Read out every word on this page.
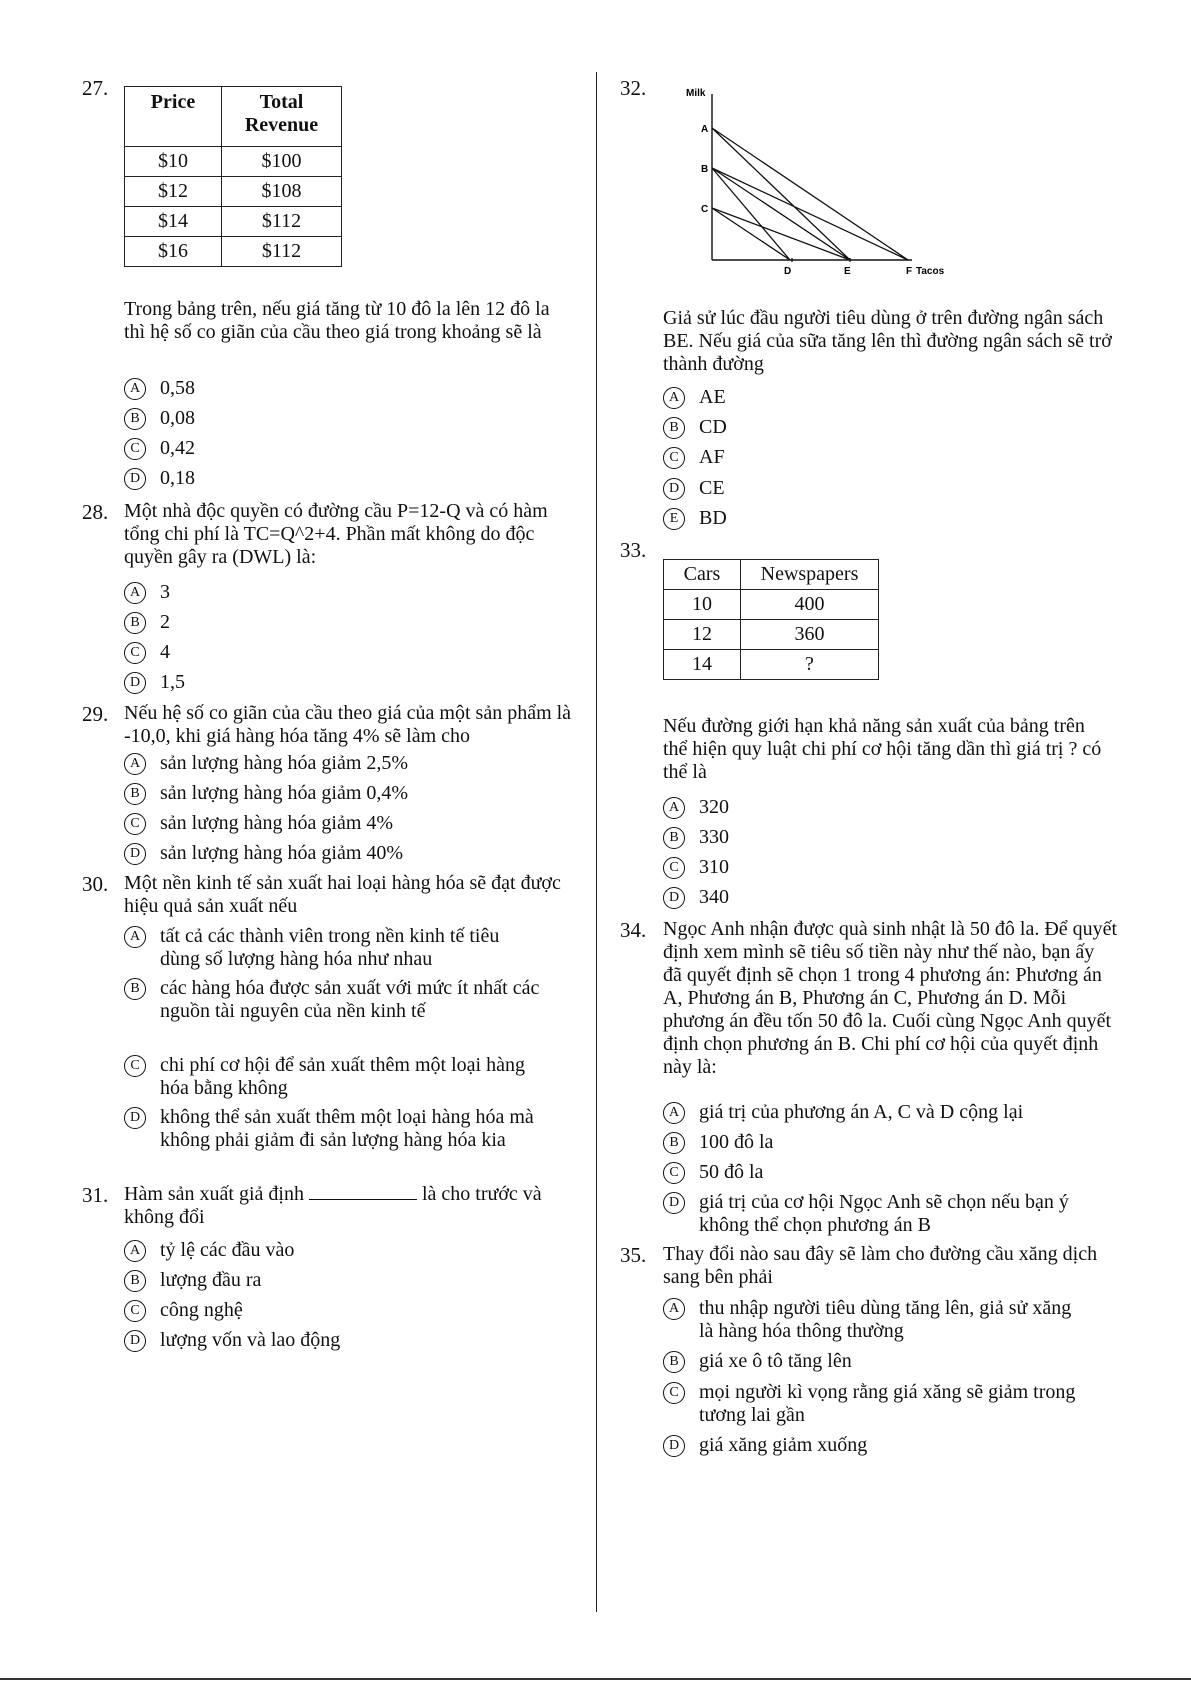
27.
Price	Total Revenue
$10	$100
$12	$108
$14	$112
$16	$112
Trong bảng trên, nếu giá tăng từ 10 đô la lên 12 đô la thì hệ số co giãn của cầu theo giá trong khoảng sẽ là
A 0,58
B	0,08
C	0,42
D 0,18
28. Một nhà độc quyền có đường cầu P=12-Q và có hàm tổng chi phí là TC=Q^2+4. Phần mất không do độc quyền gây ra (DWL) là:
A 3
B	2
C	4
D 1,5
29. Nếu hệ số co giãn của cầu theo giá của một sản phẩm là -10,0, khi giá hàng hóa tăng 4% sẽ làm cho
A sản lượng hàng hóa giảm 2,5%
B	sản lượng hàng hóa giảm 0,4%
C	sản lượng hàng hóa giảm 4%
D sản lượng hàng hóa giảm 40%
30. Một nền kinh tế sản xuất hai loại hàng hóa sẽ đạt được hiệu quả sản xuất nếu
A tất cả các thành viên trong nền kinh tế tiêu dùng số lượng hàng hóa như nhau
B	các hàng hóa được sản xuất với mức ít nhất các nguồn tài nguyên của nền kinh tế
C	chi phí cơ hội để sản xuất thêm một loại hàng hóa bằng không
D không thể sản xuất thêm một loại hàng hóa mà không phải giảm đi sản lượng hàng hóa kia
31. Hàm sản xuất giả định	là cho trước và không đổi
A tỷ lệ các đầu vào
B	lượng đầu ra
C	công nghệ
D lượng vốn và lao động
32.	Milk
A
B
C
D	E	F Tacos
Giả sử lúc đầu người tiêu dùng ở trên đường ngân sách BE. Nếu giá của sữa tăng lên thì đường ngân sách sẽ trở thành đường
A AE
B	CD
C	AF
D CE
E	BD
33.
Cars	Newspapers
10	400
12	360
14	?
Nếu đường giới hạn khả năng sản xuất của bảng trên thể hiện quy luật chi phí cơ hội tăng dần thì giá trị ? có thể là
A 320
B	330
C	310
D 340
34. Ngọc Anh nhận được quà sinh nhật là 50 đô la. Để quyết định xem mình sẽ tiêu số tiền này như thế nào, bạn ấy đã quyết định sẽ chọn 1 trong 4 phương án: Phương án A, Phương án B, Phương án C, Phương án D. Mỗi phương án đều tốn 50 đô la. Cuối cùng Ngọc Anh quyết định chọn phương án B. Chi phí cơ hội của quyết định này là:
A giá trị của phương án A, C và D cộng lại
B	100 đô la
C	50 đô la
D giá trị của cơ hội Ngọc Anh sẽ chọn nếu bạn ý không thể chọn phương án B
35. Thay đổi nào sau đây sẽ làm cho đường cầu xăng dịch sang bên phải
A thu nhập người tiêu dùng tăng lên, giả sử xăng là hàng hóa thông thường
B	giá xe ô tô tăng lên
C	mọi người kì vọng rằng giá xăng sẽ giảm trong tương lai gần
D giá xăng giảm xuống
